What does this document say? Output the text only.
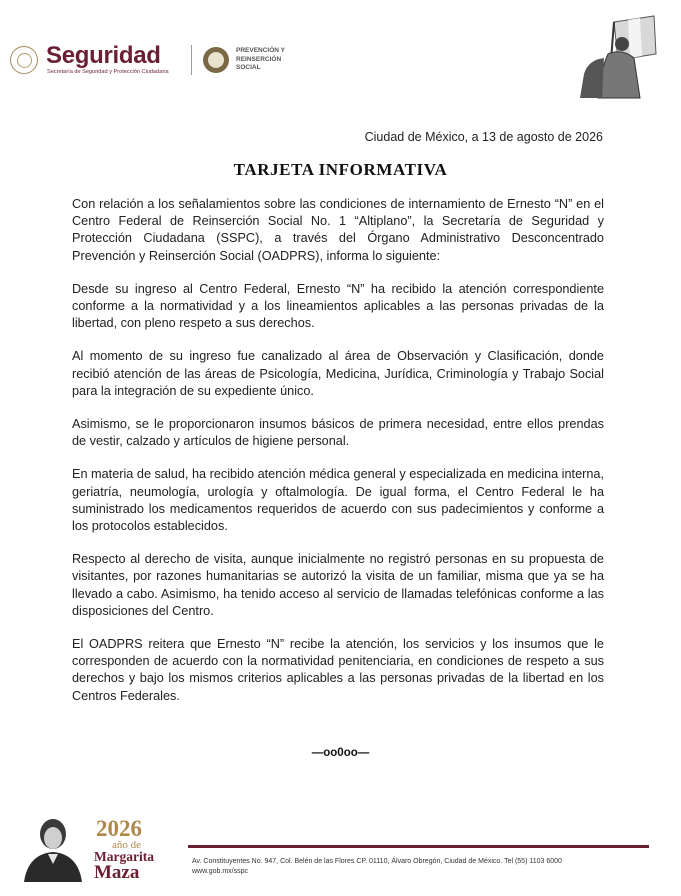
Seguridad
Secretaría de Seguridad y Protección Ciudadana
PREVENCIÓN Y
REINSERCIÓN
SOCIAL
Ciudad de México, a 13 de agosto de 2026
TARJETA INFORMATIVA

Con relación a los señalamientos sobre las condiciones de internamiento de Ernesto “N” en el Centro Federal de Reinserción Social No. 1 “Altiplano”, la Secretaría de Seguridad y Protección Ciudadana (SSPC), a través del Órgano Administrativo Desconcentrado Prevención y Reinserción Social (OADPRS), informa lo siguiente:

Desde su ingreso al Centro Federal, Ernesto “N” ha recibido la atención correspondiente conforme a la normatividad y a los lineamientos aplicables a las personas privadas de la libertad, con pleno respeto a sus derechos.

Al momento de su ingreso fue canalizado al área de Observación y Clasificación, donde recibió atención de las áreas de Psicología, Medicina, Jurídica, Criminología y Trabajo Social para la integración de su expediente único.

Asimismo, se le proporcionaron insumos básicos de primera necesidad, entre ellos prendas de vestir, calzado y artículos de higiene personal.

En materia de salud, ha recibido atención médica general y especializada en medicina interna, geriatría, neumología, urología y oftalmología. De igual forma, el Centro Federal le ha suministrado los medicamentos requeridos de acuerdo con sus padecimientos y conforme a los protocolos establecidos.

Respecto al derecho de visita, aunque inicialmente no registró personas en su propuesta de visitantes, por razones humanitarias se autorizó la visita de un familiar, misma que ya se ha llevado a cabo. Asimismo, ha tenido acceso al servicio de llamadas telefónicas conforme a las disposiciones del Centro.

El OADPRS reitera que Ernesto “N” recibe la atención, los servicios y los insumos que le corresponden de acuerdo con la normatividad penitenciaria, en condiciones de respeto a sus derechos y bajo los mismos criterios aplicables a las personas privadas de la libertad en los Centros Federales.

—oo0oo—
2026
año de
Margarita
Maza
Av. Constituyentes No. 947, Col. Belén de las Flores CP. 01110, Álvaro Obregón, Ciudad de México. Tel (55) 1103 6000 www.gob.mx/sspc
